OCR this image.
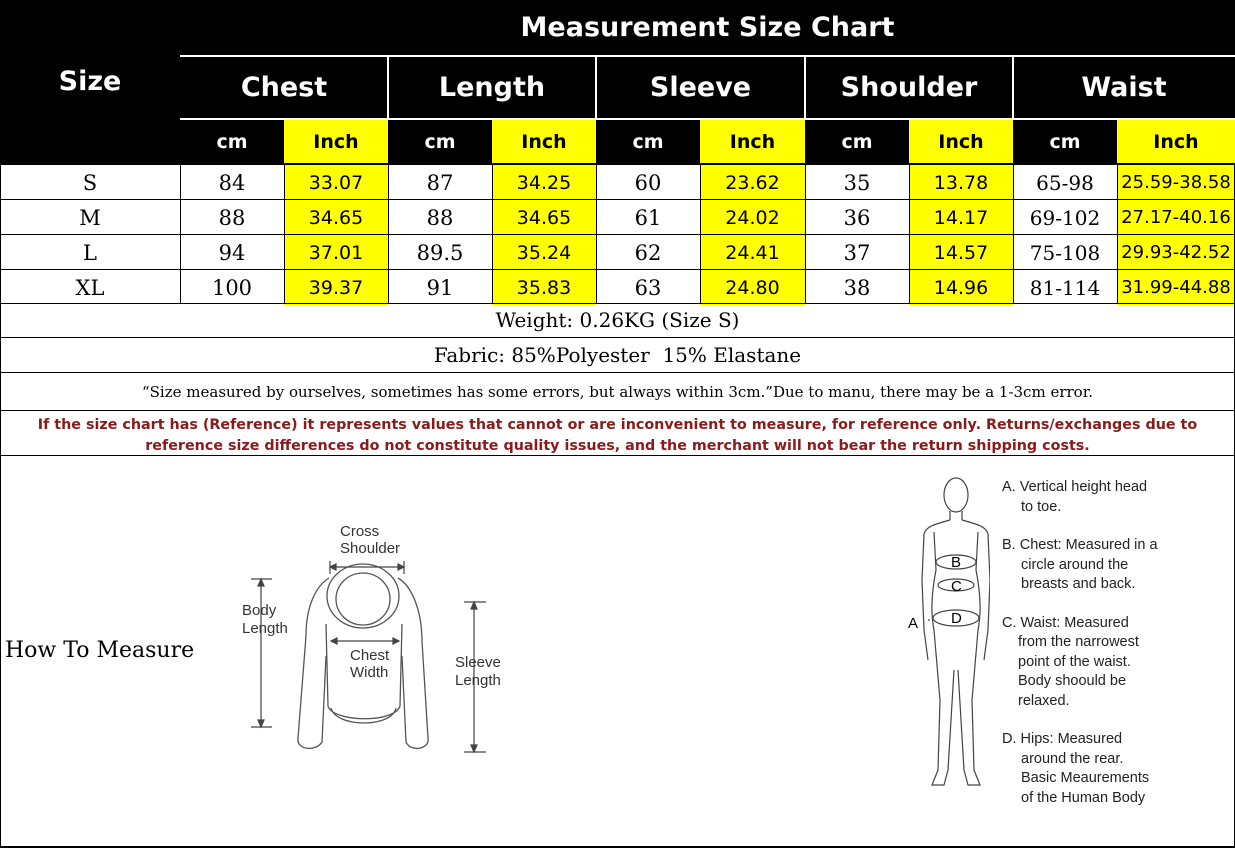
Size
Measurement Size Chart
Chest	Length	Sleeve	Shoulder	Waist
cm	Inch	cm	Inch	cm	Inch	cm	Inch	cm	Inch
S	84	33.07	87	34.25	60	23.62	35	13.78	65-98	25.59-38.58
M	88	34.65	88	34.65	61	24.02	36	14.17	69-102	27.17-40.16
L	94	37.01	89.5	35.24	62	24.41	37	14.57	75-108	29.93-42.52
XL	100	39.37	91	35.83	63	24.80	38	14.96	81-114	31.99-44.88
Weight: 0.26KG (Size S)
Fabric: 85%Polyester  15% Elastane
“Size measured by ourselves, sometimes has some errors, but always within 3cm.”Due to manu, there may be a 1-3cm error.
If the size chart has (Reference) it represents values that cannot or are inconvenient to measure, for reference only. Returns/exchanges due to
reference size differences do not constitute quality issues, and the merchant will not bear the return shipping costs.
How To Measure
Cross
Shoulder
Body
Length
Chest
Width
Sleeve
Length
A
B
C
D
A. Vertical height head
to toe.
B. Chest: Measured in a
circle around the
breasts and back.
C. Waist: Measured
from the narrowest
point of the waist.
Body shoould be
relaxed.
D. Hips: Measured
around the rear.
Basic Meaurements
of the Human Body
